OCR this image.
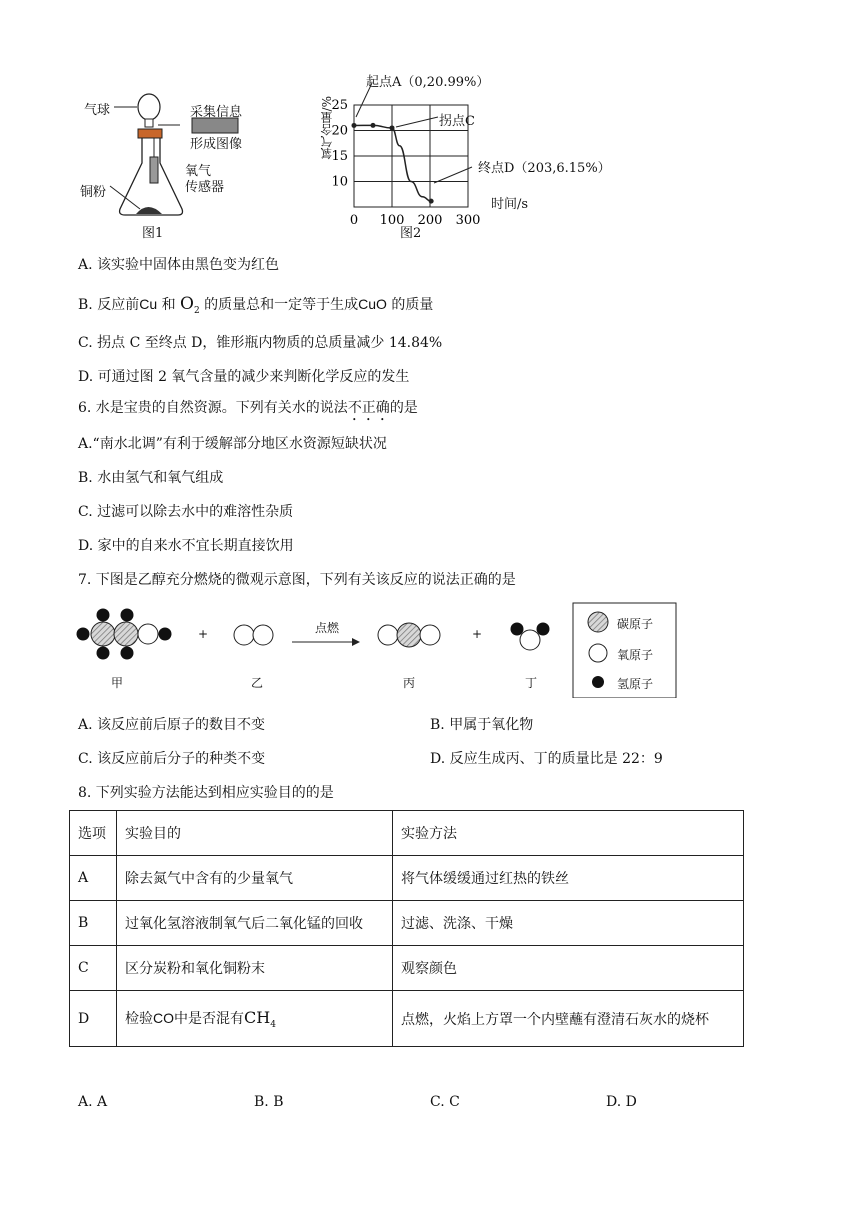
气球	采集信息
形成图像
氧气
传感器
铜粉
图1
10
15
20
25
0 100 200 300
起点A（0,20.99%）
拐点C
终点D（203,6.15%）
时间/s
氧气含量/%
图2
A. 该实验中固体由黑色变为红色
B. 反应前Cu 和 $O_2$ 的质量总和一定等于生成CuO 的质量
C. 拐点 C 至终点 D，锥形瓶内物质的总质量减少 14.84%
D. 可通过图 2 氧气含量的减少来判断化学反应的发生
6. 水是宝贵的自然资源。下列有关水的说法不正确的是
A.“南水北调”有利于缓解部分地区水资源短缺状况
B. 水由氢气和氧气组成
C. 过滤可以除去水中的难溶性杂质
D. 家中的自来水不宜长期直接饮用
7. 下图是乙醇充分燃烧的微观示意图，下列有关该反应的说法正确的是
+	+
点燃
甲	乙	丙	丁
碳原子
氧原子
氢原子
A. 该反应前后原子的数目不变	B. 甲属于氧化物
C. 该反应前后分子的种类不变	D. 反应生成丙、丁的质量比是 22：9
8. 下列实验方法能达到相应实验目的的是
选项	实验目的	实验方法
A	除去氮气中含有的少量氧气	将气体缓缓通过红热的铁丝
B	过氧化氢溶液制氧气后二氧化锰的回收	过滤、洗涤、干燥
C	区分炭粉和氧化铜粉末	观察颜色
D	检验CO中是否混有$CH_4$	点燃，火焰上方罩一个内壁蘸有澄清石灰水的烧杯
A. A	B. B	C. C	D. D
